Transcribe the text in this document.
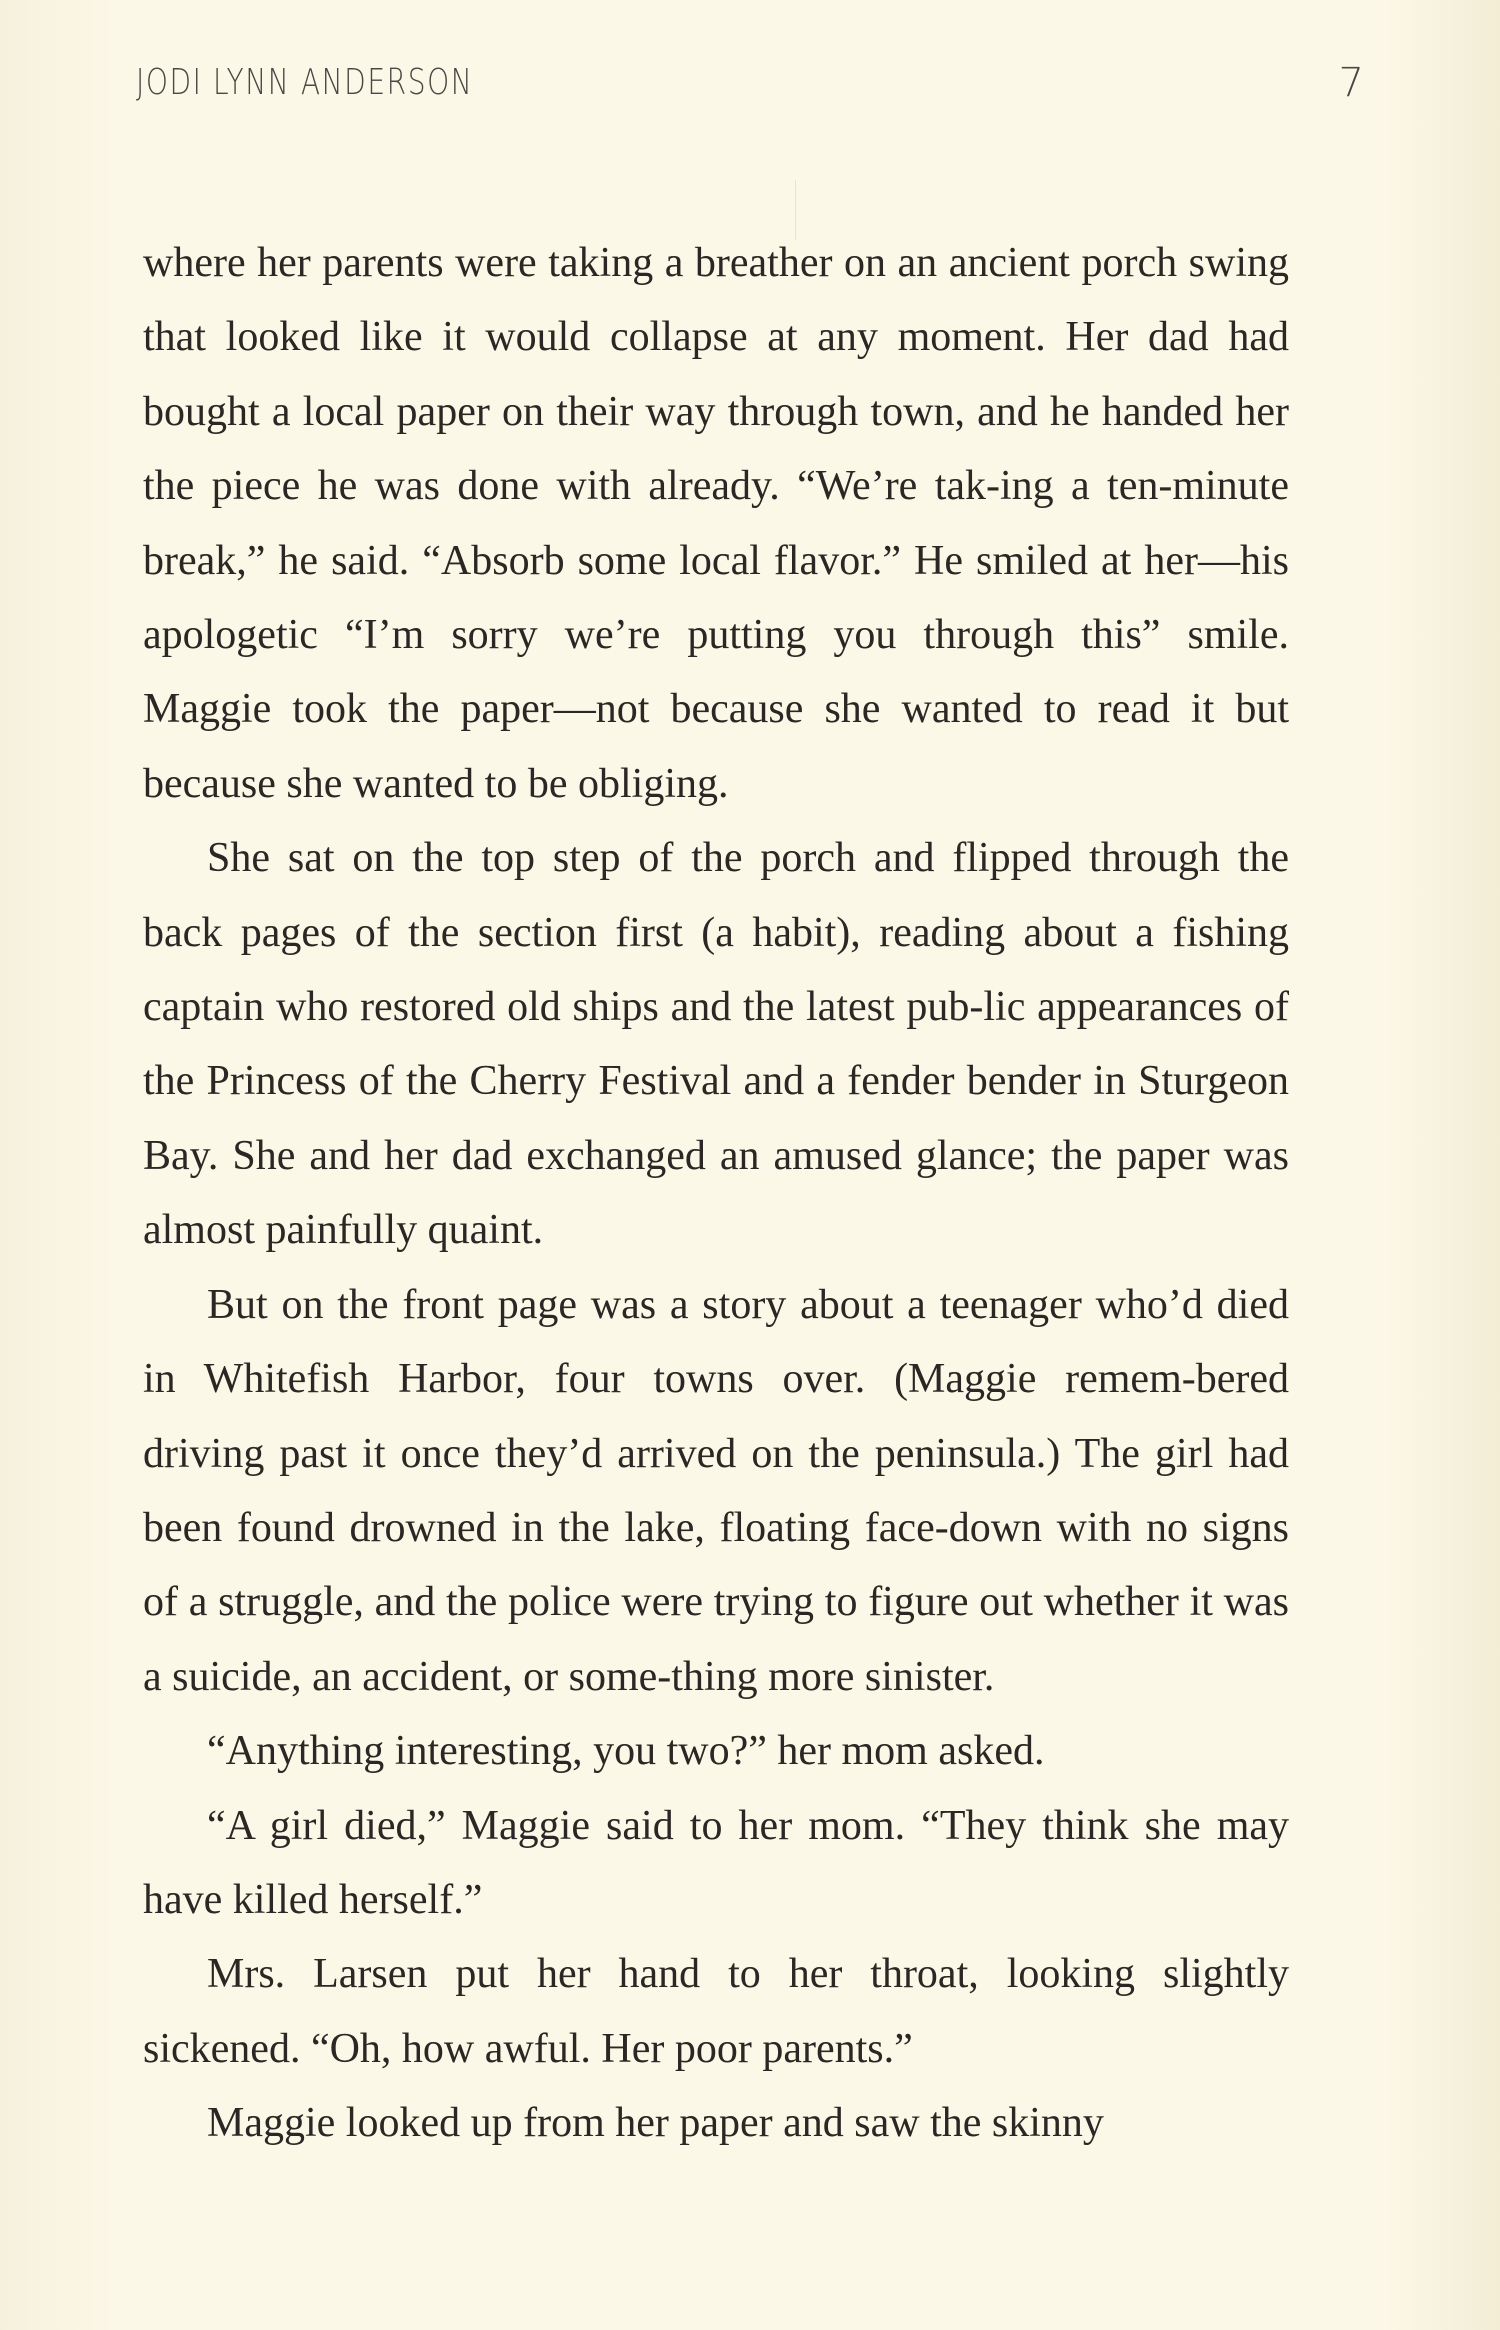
JODI LYNN ANDERSON	7

where her parents were taking a breather on an ancient porch swing that looked like it would collapse at any moment. Her dad had bought a local paper on their way through town, and he handed her the piece he was done with already. “We’re tak-ing a ten-minute break,” he said. “Absorb some local flavor.” He smiled at her—his apologetic “I’m sorry we’re putting you through this” smile. Maggie took the paper—not because she wanted to read it but because she wanted to be obliging.

She sat on the top step of the porch and flipped through the back pages of the section first (a habit), reading about a fishing captain who restored old ships and the latest pub-lic appearances of the Princess of the Cherry Festival and a fender bender in Sturgeon Bay. She and her dad exchanged an amused glance; the paper was almost painfully quaint.

But on the front page was a story about a teenager who’d died in Whitefish Harbor, four towns over. (Maggie remem-bered driving past it once they’d arrived on the peninsula.) The girl had been found drowned in the lake, floating face-down with no signs of a struggle, and the police were trying to figure out whether it was a suicide, an accident, or some-thing more sinister.

“Anything interesting, you two?” her mom asked.

“A girl died,” Maggie said to her mom. “They think she may have killed herself.”

Mrs. Larsen put her hand to her throat, looking slightly sickened. “Oh, how awful. Her poor parents.”

Maggie looked up from her paper and saw the skinny
